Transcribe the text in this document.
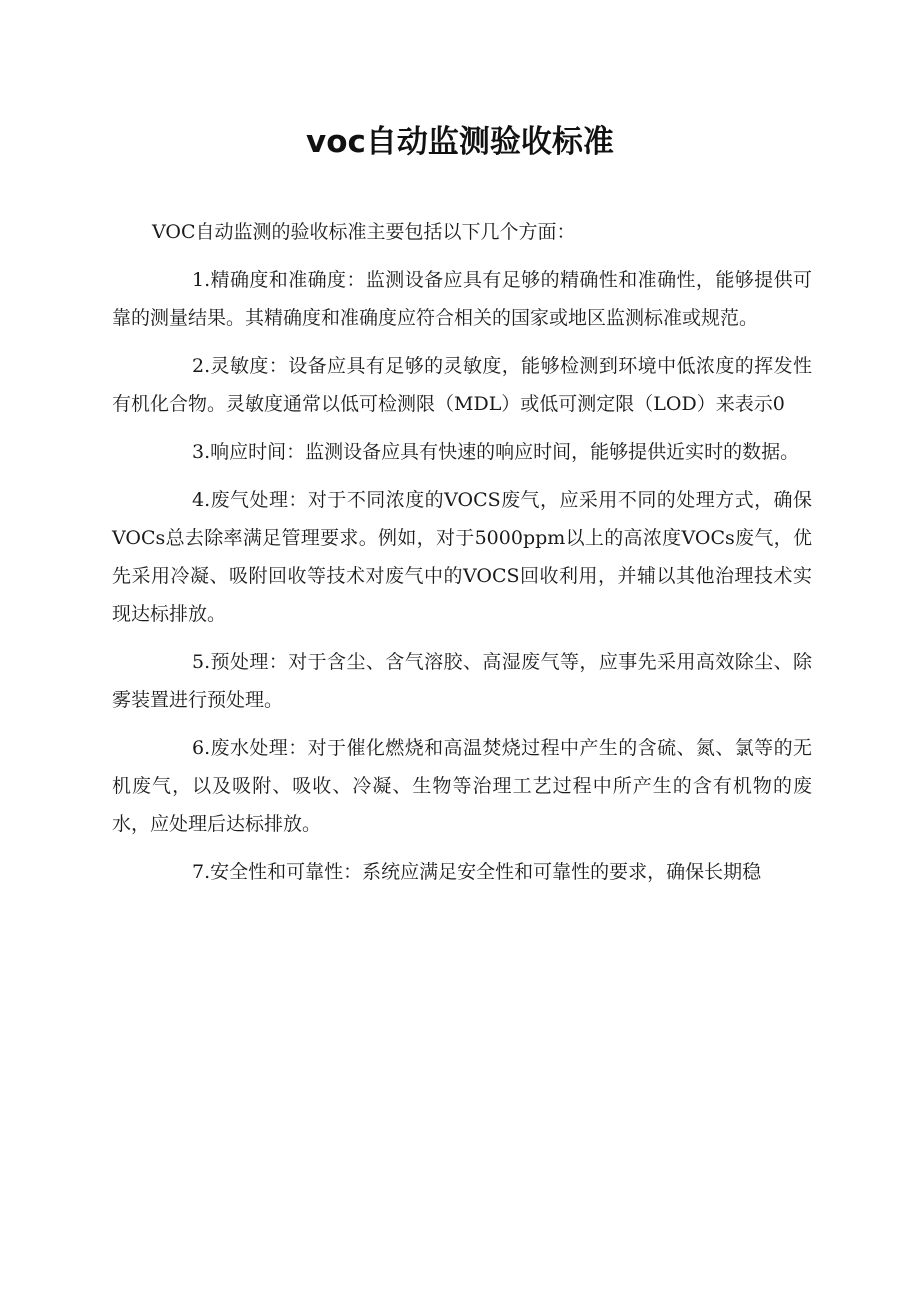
voc自动监测验收标准

VOC自动监测的验收标准主要包括以下几个方面：

1.精确度和准确度：监测设备应具有足够的精确性和准确性，能够提供可靠的测量结果。其精确度和准确度应符合相关的国家或地区监测标准或规范。

2.灵敏度：设备应具有足够的灵敏度，能够检测到环境中低浓度的挥发性有机化合物。灵敏度通常以低可检测限（MDL）或低可测定限（LOD）来表示0

3.响应时间：监测设备应具有快速的响应时间，能够提供近实时的数据。

4.废气处理：对于不同浓度的VOCS废气，应采用不同的处理方式，确保VOCs总去除率满足管理要求。例如，对于5000ppm以上的高浓度VOCs废气，优先采用冷凝、吸附回收等技术对废气中的VOCS回收利用，并辅以其他治理技术实现达标排放。

5.预处理：对于含尘、含气溶胶、高湿废气等，应事先采用高效除尘、除雾装置进行预处理。

6.废水处理：对于催化燃烧和高温焚烧过程中产生的含硫、氮、氯等的无机废气，以及吸附、吸收、冷凝、生物等治理工艺过程中所产生的含有机物的废水，应处理后达标排放。

7.安全性和可靠性：系统应满足安全性和可靠性的要求，确保长期稳
